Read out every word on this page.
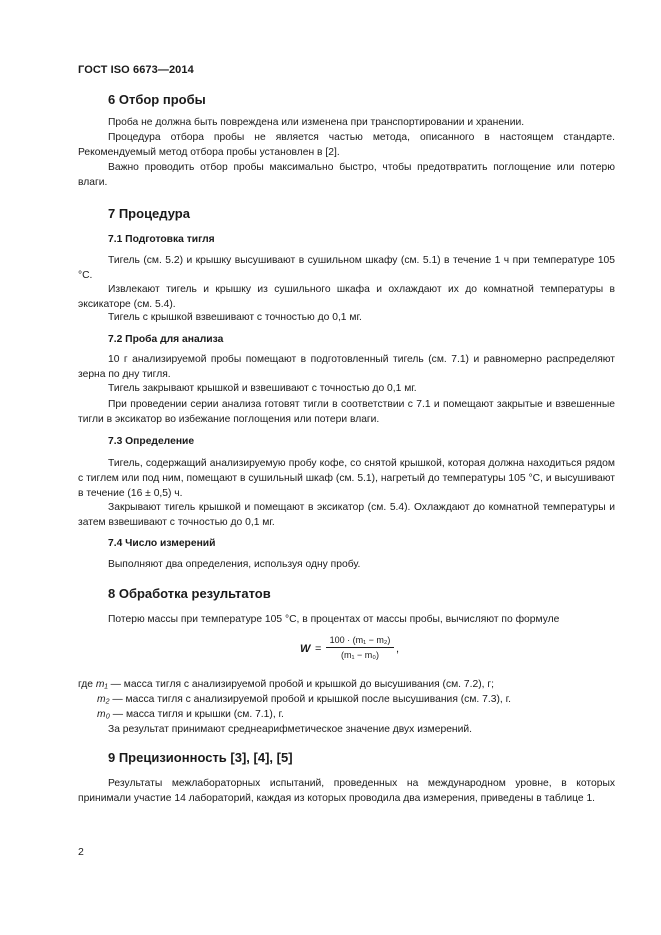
ГОСТ ISO 6673—2014
6 Отбор пробы
Проба не должна быть повреждена или изменена при транспортировании и хранении.
Процедура отбора пробы не является частью метода, описанного в настоящем стандарте. Рекомендуемый метод отбора пробы установлен в [2].
Важно проводить отбор пробы максимально быстро, чтобы предотвратить поглощение или потерю влаги.
7 Процедура
7.1 Подготовка тигля
Тигель (см. 5.2) и крышку высушивают в сушильном шкафу (см. 5.1) в течение 1 ч при температуре 105 °С.
Извлекают тигель и крышку из сушильного шкафа и охлаждают их до комнатной температуры в эксикаторе (см. 5.4).
Тигель с крышкой взвешивают с точностью до 0,1 мг.
7.2 Проба для анализа
10 г анализируемой пробы помещают в подготовленный тигель (см. 7.1) и равномерно распределяют зерна по дну тигля.
Тигель закрывают крышкой и взвешивают с точностью до 0,1 мг.
При проведении серии анализа готовят тигли в соответствии с 7.1 и помещают закрытые и взвешенные тигли в эксикатор во избежание поглощения или потери влаги.
7.3 Определение
Тигель, содержащий анализируемую пробу кофе, со снятой крышкой, которая должна находиться рядом с тиглем или под ним, помещают в сушильный шкаф (см. 5.1), нагретый до температуры 105 °С, и высушивают в течение (16 ± 0,5) ч.
Закрывают тигель крышкой и помещают в эксикатор (см. 5.4). Охлаждают до комнатной температуры и затем взвешивают с точностью до 0,1 мг.
7.4 Число измерений
Выполняют два определения, используя одну пробу.
8 Обработка результатов
Потерю массы при температуре 105 °С, в процентах от массы пробы, вычисляют по формуле
W =
100 · (m₁ − m₂)
(m₁ − m₀)	,
где m₁ — масса тигля с анализируемой пробой и крышкой до высушивания (см. 7.2), г;
m₂ — масса тигля с анализируемой пробой и крышкой после высушивания (см. 7.3), г.
m₀ — масса тигля и крышки (см. 7.1), г.
За результат принимают среднеарифметическое значение двух измерений.
9 Прецизионность [3], [4], [5]
Результаты межлабораторных испытаний, проведенных на международном уровне, в которых принимали участие 14 лабораторий, каждая из которых проводила два измерения, приведены в таблице 1.
2
